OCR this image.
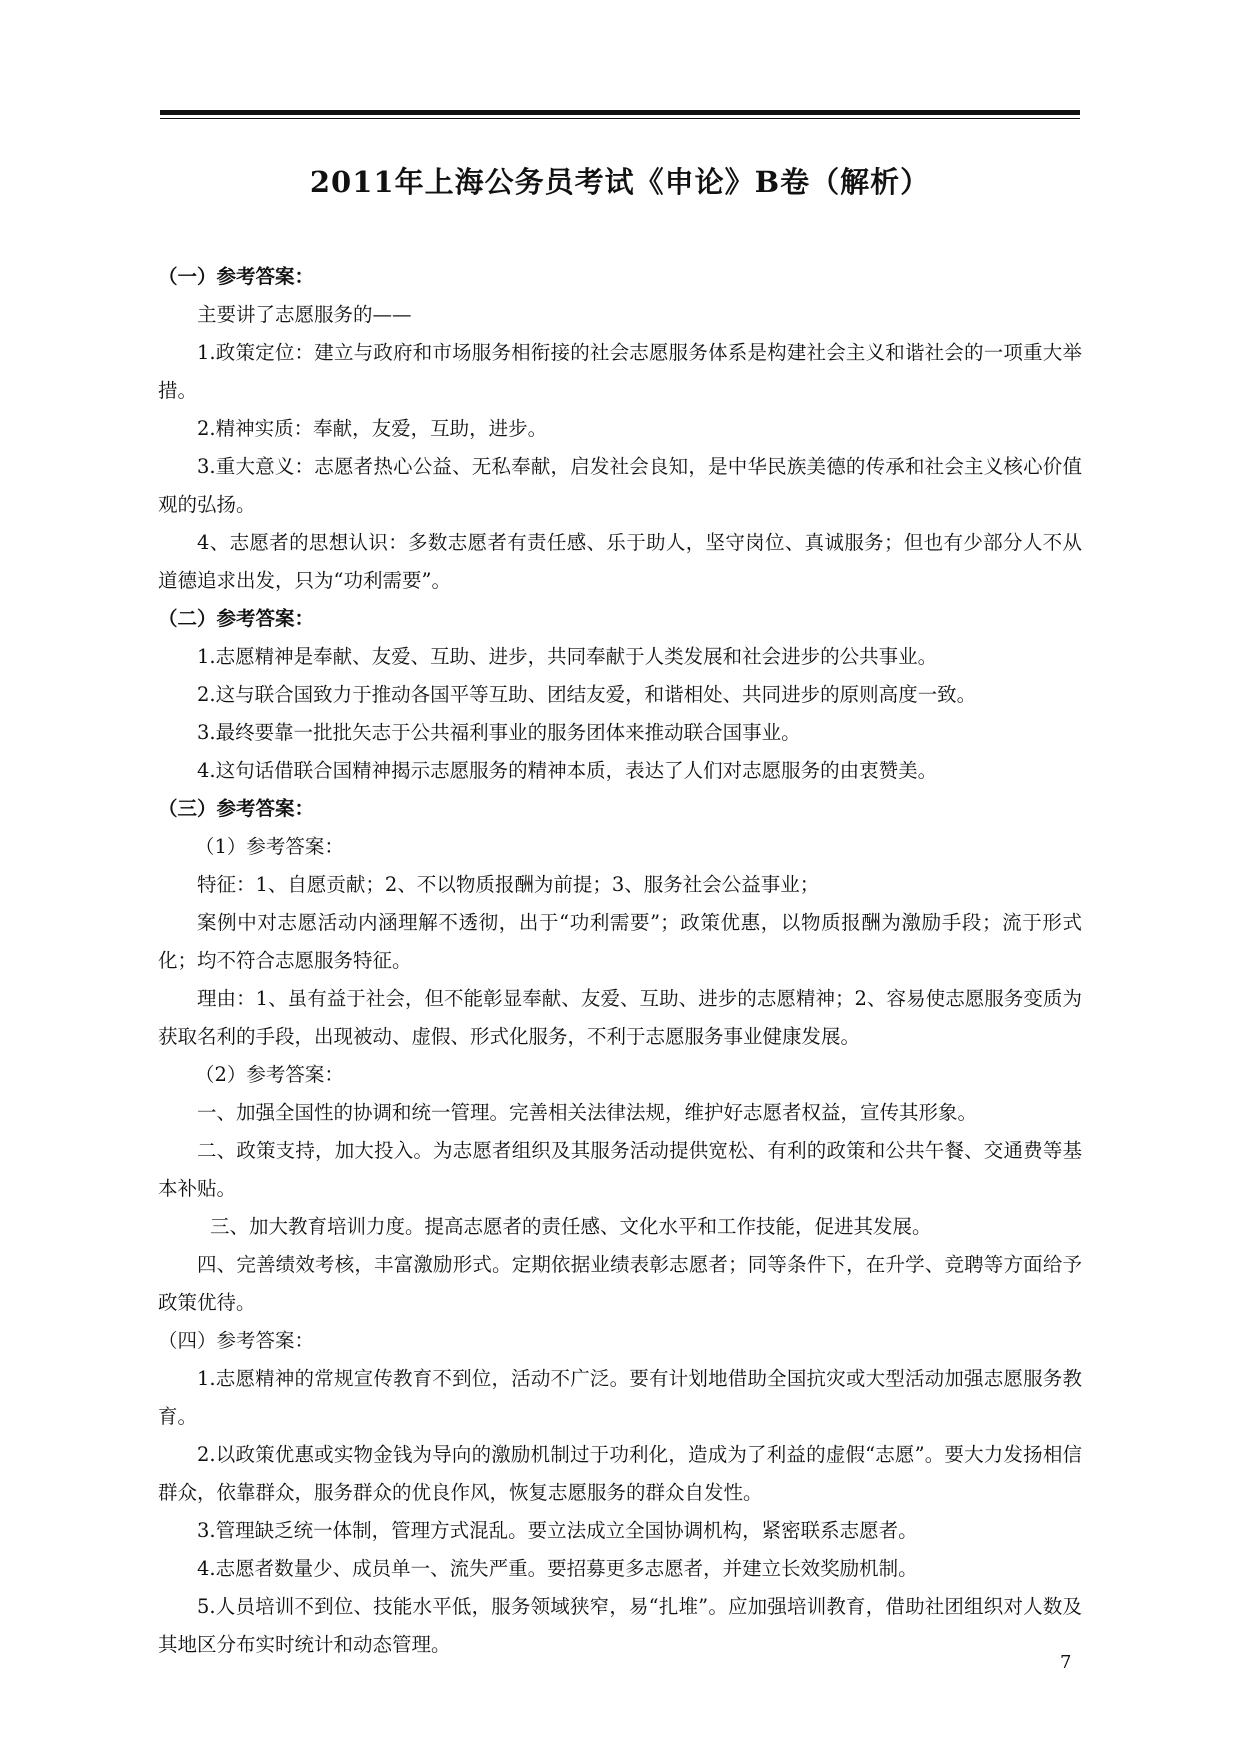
2011年上海公务员考试《申论》B卷（解析）

（一）参考答案：

主要讲了志愿服务的——

1.政策定位：建立与政府和市场服务相衔接的社会志愿服务体系是构建社会主义和谐社会的一项重大举措。

2.精神实质：奉献，友爱，互助，进步。

3.重大意义：志愿者热心公益、无私奉献，启发社会良知，是中华民族美德的传承和社会主义核心价值观的弘扬。

4、志愿者的思想认识：多数志愿者有责任感、乐于助人，坚守岗位、真诚服务；但也有少部分人不从道德追求出发，只为“功利需要”。

（二）参考答案：

1.志愿精神是奉献、友爱、互助、进步，共同奉献于人类发展和社会进步的公共事业。

2.这与联合国致力于推动各国平等互助、团结友爱，和谐相处、共同进步的原则高度一致。

3.最终要靠一批批矢志于公共福利事业的服务团体来推动联合国事业。

4.这句话借联合国精神揭示志愿服务的精神本质，表达了人们对志愿服务的由衷赞美。

（三）参考答案：

（1）参考答案：

特征：1、自愿贡献；2、不以物质报酬为前提；3、服务社会公益事业；

案例中对志愿活动内涵理解不透彻，出于“功利需要”；政策优惠，以物质报酬为激励手段；流于形式化；均不符合志愿服务特征。

理由：1、虽有益于社会，但不能彰显奉献、友爱、互助、进步的志愿精神；2、容易使志愿服务变质为获取名利的手段，出现被动、虚假、形式化服务，不利于志愿服务事业健康发展。

（2）参考答案：

一、加强全国性的协调和统一管理。完善相关法律法规，维护好志愿者权益，宣传其形象。

二、政策支持，加大投入。为志愿者组织及其服务活动提供宽松、有利的政策和公共午餐、交通费等基本补贴。

三、加大教育培训力度。提高志愿者的责任感、文化水平和工作技能，促进其发展。

四、完善绩效考核，丰富激励形式。定期依据业绩表彰志愿者；同等条件下，在升学、竞聘等方面给予政策优待。

（四）参考答案：

1.志愿精神的常规宣传教育不到位，活动不广泛。要有计划地借助全国抗灾或大型活动加强志愿服务教育。

2.以政策优惠或实物金钱为导向的激励机制过于功利化，造成为了利益的虚假“志愿”。要大力发扬相信群众，依靠群众，服务群众的优良作风，恢复志愿服务的群众自发性。

3.管理缺乏统一体制，管理方式混乱。要立法成立全国协调机构，紧密联系志愿者。

4.志愿者数量少、成员单一、流失严重。要招募更多志愿者，并建立长效奖励机制。

5.人员培训不到位、技能水平低，服务领域狭窄，易“扎堆”。应加强培训教育，借助社团组织对人数及其地区分布实时统计和动态管理。

7
